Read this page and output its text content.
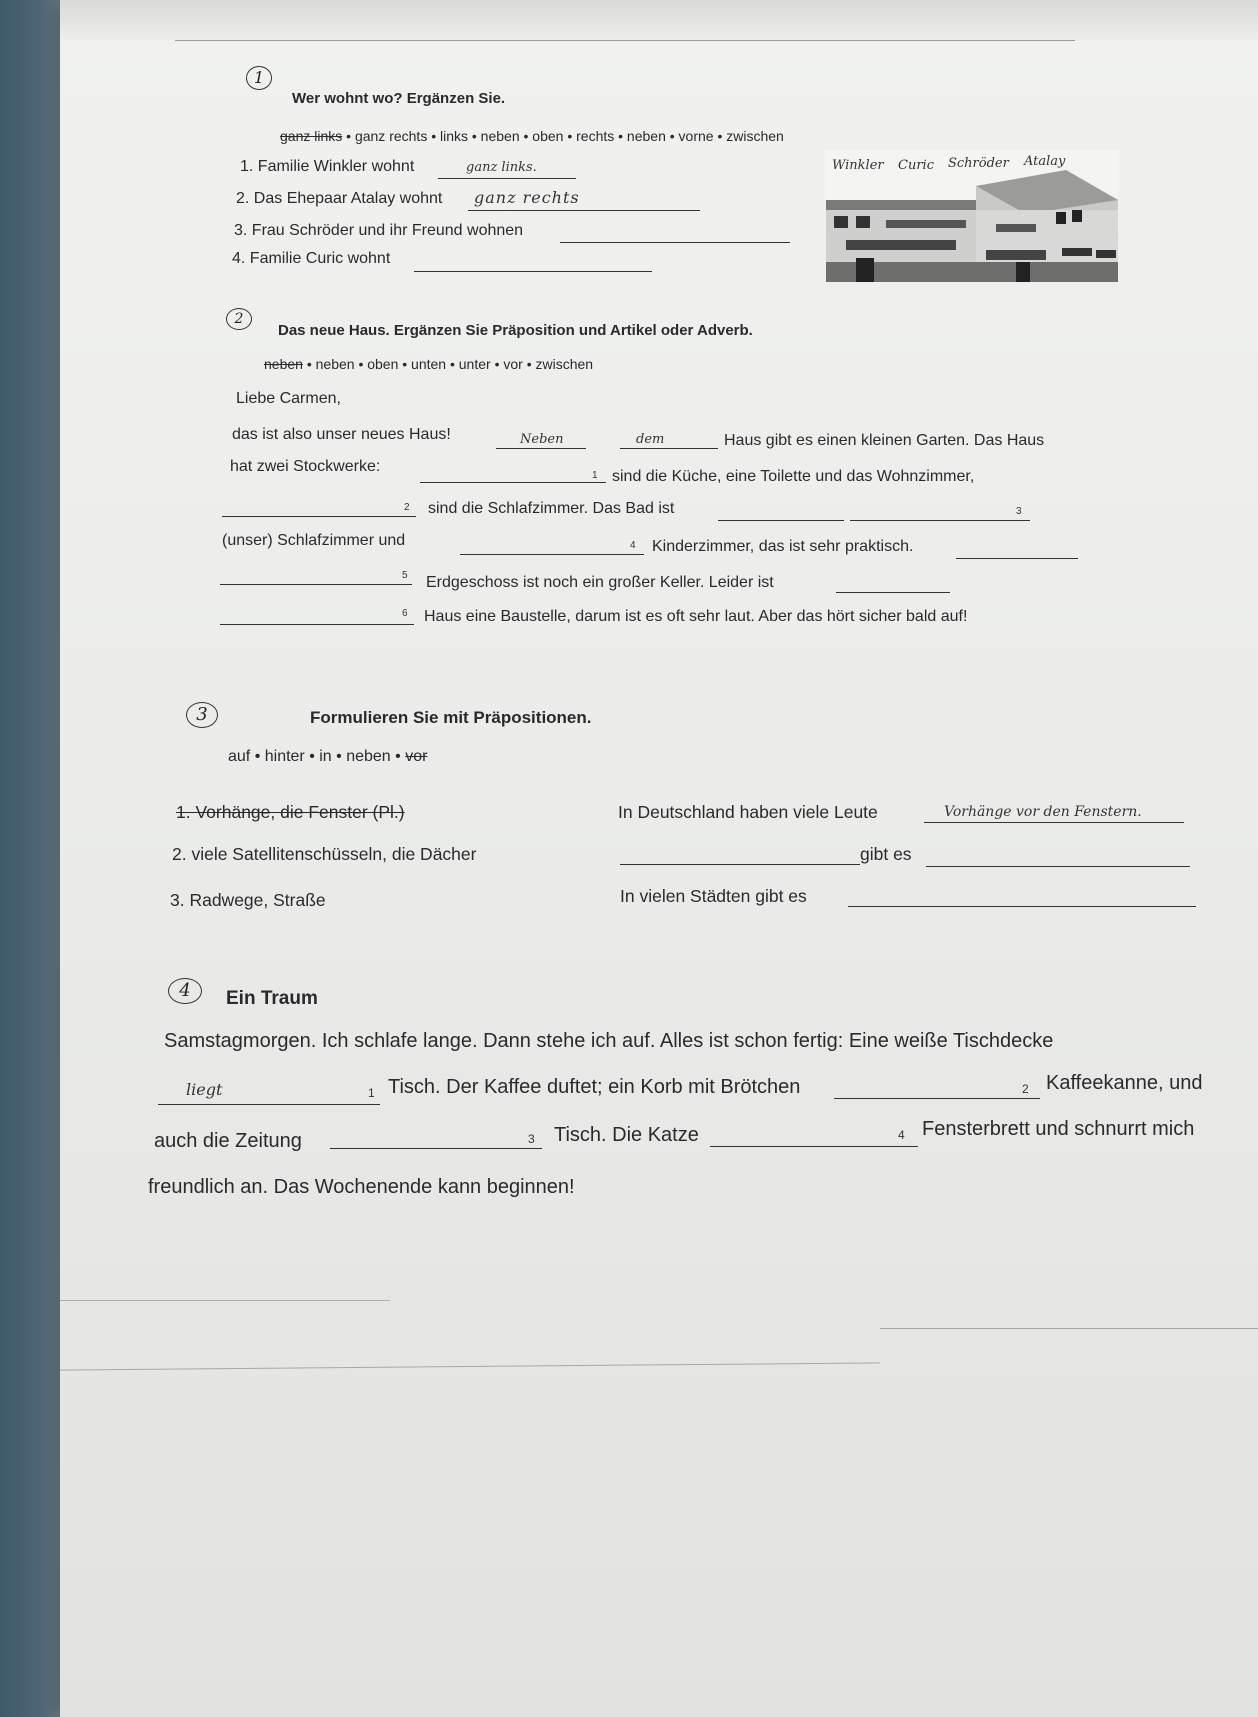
1
Wer wohnt wo? Ergänzen Sie.
ganz links • ganz rechts • links • neben • oben • rechts • neben • vorne • zwischen
1. Familie Winkler wohnt	ganz links.
2. Das Ehepaar Atalay wohnt ganz rechts
3. Frau Schröder und ihr Freund wohnen
4. Familie Curic wohnt
Winkler Curic Schröder Atalay
2
Das neue Haus. Ergänzen Sie Präposition und Artikel oder Adverb.
neben • neben • oben • unten • unter • vor • zwischen
Liebe Carmen,
das ist also unser neues Haus!	Neben	dem	Haus gibt es einen kleinen Garten. Das Haus
hat zwei Stockwerke:
1 sind die Küche, eine Toilette und das Wohnzimmer,
2 sind die Schlafzimmer. Das Bad ist	3
(unser) Schlafzimmer und	4 Kinderzimmer, das ist sehr praktisch.
5 Erdgeschoss ist noch ein großer Keller. Leider ist
6 Haus eine Baustelle, darum ist es oft sehr laut. Aber das hört sicher bald auf!
3	Formulieren Sie mit Präpositionen.
auf • hinter • in • neben • vor
1. Vorhänge, die Fenster (Pl.)	In Deutschland haben viele Leute	Vorhänge vor den Fenstern.
2. viele Satellitenschüsseln, die Dächer	gibt es
3. Radwege, Straße	In vielen Städten gibt es
4	Ein Traum
Samstagmorgen. Ich schlafe lange. Dann stehe ich auf. Alles ist schon fertig: Eine weiße Tischdecke
liegt	1 Tisch. Der Kaffee duftet; ein Korb mit Brötchen	2 Kaffeekanne, und
auch die Zeitung	3 Tisch. Die Katze	4 Fensterbrett und schnurrt mich
freundlich an. Das Wochenende kann beginnen!
